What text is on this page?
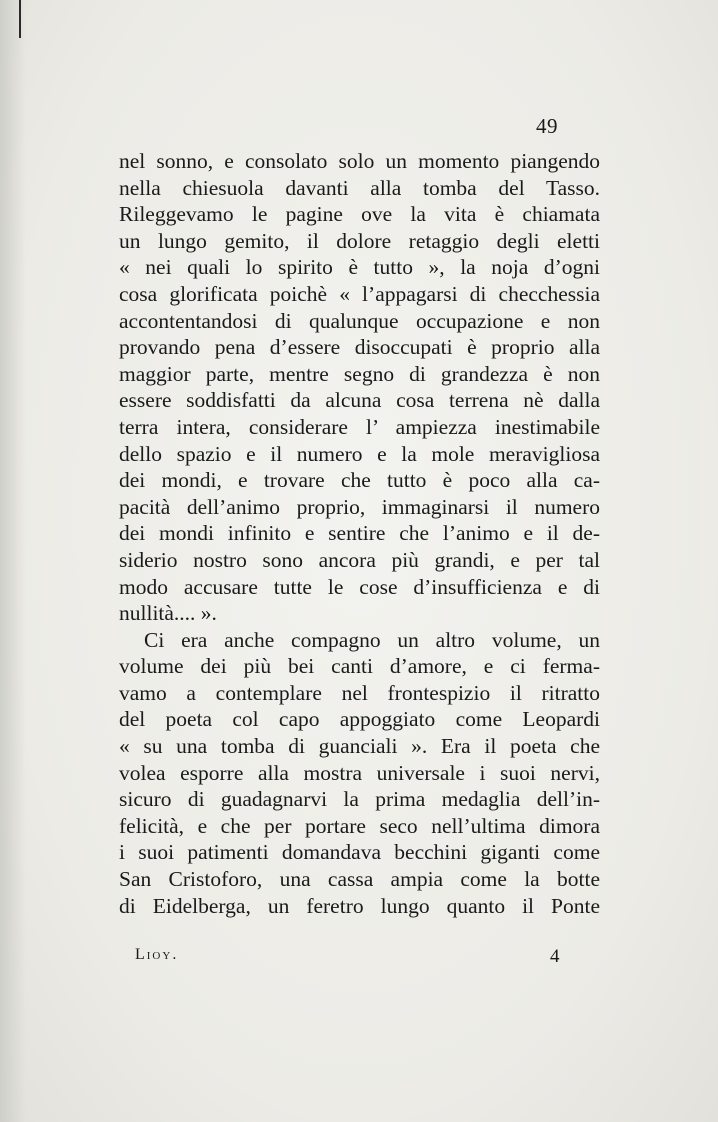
49
nel sonno, e consolato solo un momento piangendo
nella chiesuola davanti alla tomba del Tasso.
Rileggevamo le pagine ove la vita è chiamata
un lungo gemito, il dolore retaggio degli eletti
« nei quali lo spirito è tutto », la noja d’ogni
cosa glorificata poichè « l’appagarsi di checchessia
accontentandosi di qualunque occupazione e non
provando pena d’essere disoccupati è proprio alla
maggior parte, mentre segno di grandezza è non
essere soddisfatti da alcuna cosa terrena nè dalla
terra intera, considerare l’ ampiezza inestimabile
dello spazio e il numero e la mole meravigliosa
dei mondi, e trovare che tutto è poco alla ca-
pacità dell’animo proprio, immaginarsi il numero
dei mondi infinito e sentire che l’animo e il de-
siderio nostro sono ancora più grandi, e per tal
modo accusare tutte le cose d’insufficienza e di
nullità.... ».
Ci era anche compagno un altro volume, un
volume dei più bei canti d’amore, e ci ferma-
vamo a contemplare nel frontespizio il ritratto
del poeta col capo appoggiato come Leopardi
« su una tomba di guanciali ». Era il poeta che
volea esporre alla mostra universale i suoi nervi,
sicuro di guadagnarvi la prima medaglia dell’in-
felicità, e che per portare seco nell’ultima dimora
i suoi patimenti domandava becchini giganti come
San Cristoforo, una cassa ampia come la botte
di Eidelberga, un feretro lungo quanto il Ponte
Lioy.	4
